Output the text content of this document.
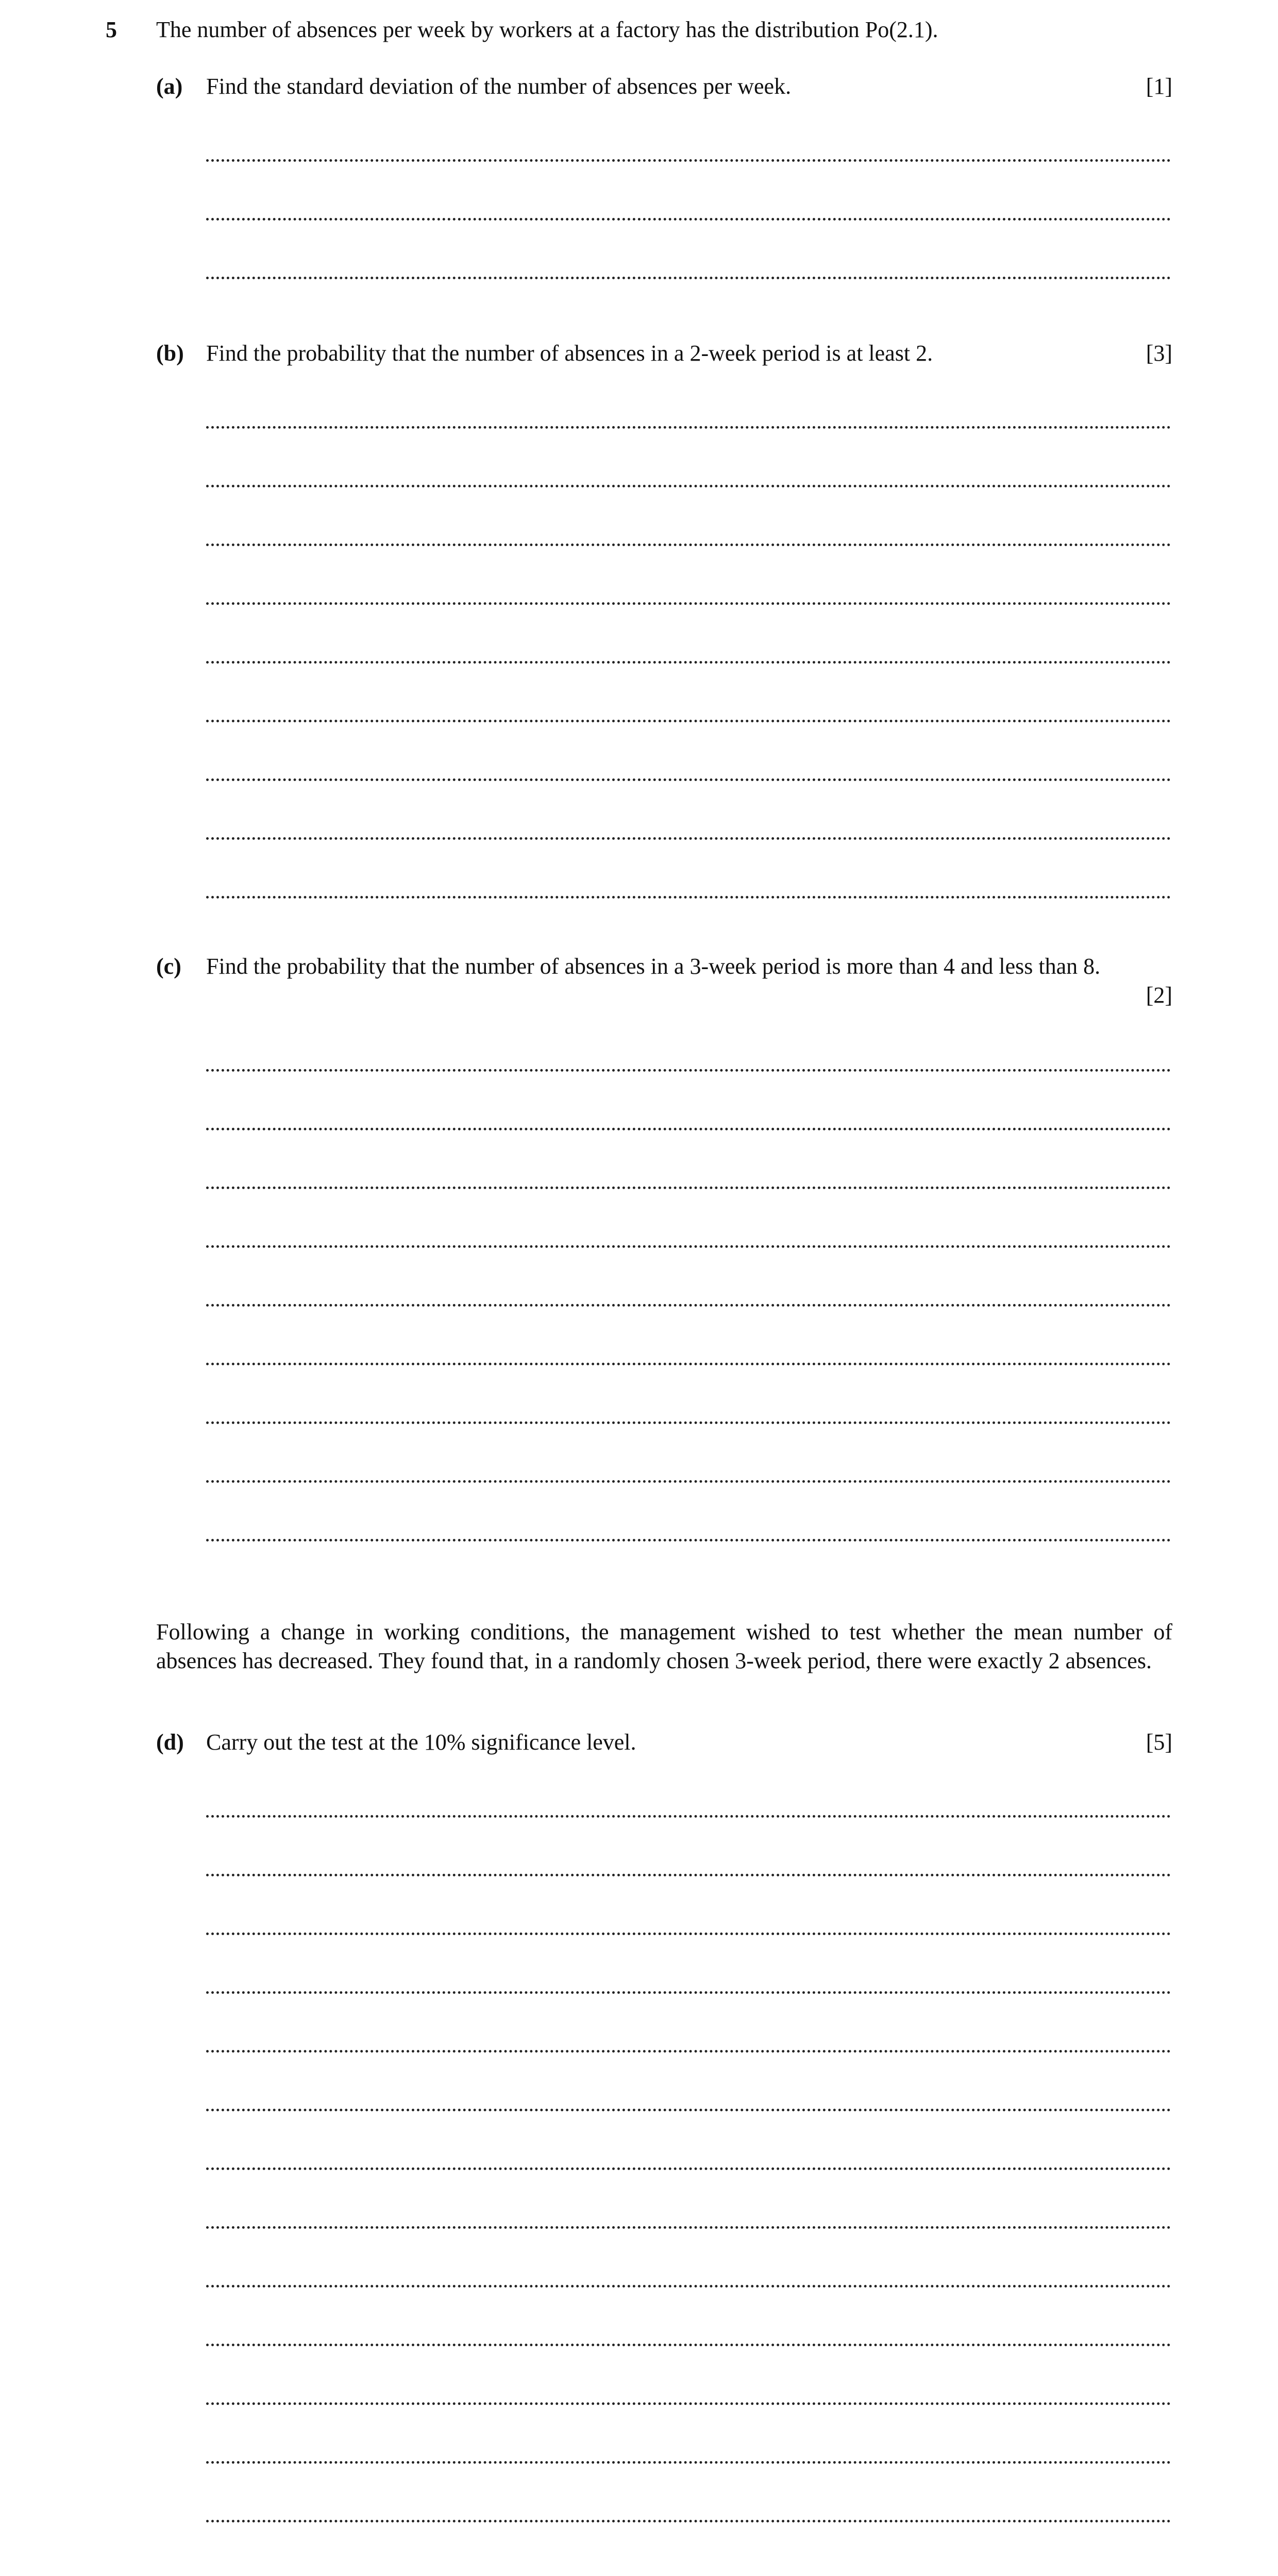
5 The number of absences per week by workers at a factory has the distribution Po(2.1).
(a) Find the standard deviation of the number of absences per week.	[1]
(b) Find the probability that the number of absences in a 2-week period is at least 2.	[3]
(c) Find the probability that the number of absences in a 3-week period is more than 4 and less than 8.
[2]
Following a change in working conditions, the management wished to test whether the mean number of absences has decreased. They found that, in a randomly chosen 3-week period, there were exactly 2 absences.
(d) Carry out the test at the 10% significance level.	[5]
